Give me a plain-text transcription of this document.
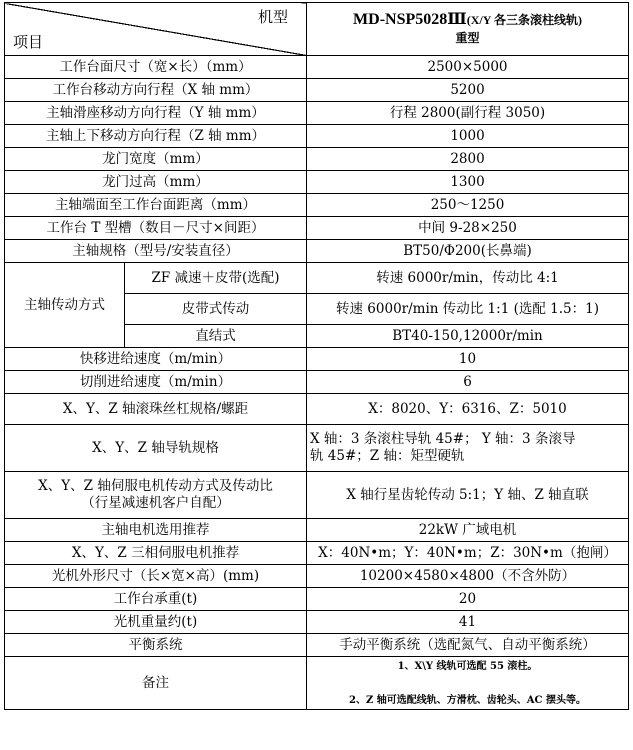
机型
项目		MD-NSP5028Ⅲ(X/Y 各三条滚柱线轨)
重型
工作台面尺寸（宽×长）（mm）		2500×5000
工作台移动方向行程（X 轴 mm）		5200
主轴滑座移动方向行程（Y 轴 mm）		行程 2800(副行程 3050)
主轴上下移动方向行程（Z 轴 mm）		1000
龙门宽度（mm）		2800
龙门过高（mm）		1300
主轴端面至工作台面距离（mm）		250～1250
工作台 T 型槽（数目－尺寸×间距）		中间 9-28×250
主轴规格（型号/安装直径）		BT50/Φ200(长鼻端)
主轴传动方式	ZF 减速＋皮带(选配)	转速 6000r/min，传动比 4:1
	皮带式传动	转速 6000r/min 传动比 1:1 (选配 1.5：1)
	直结式	BT40-150,12000r/min
快移进给速度（m/min）		10
切削进给速度（m/min）		6
X、Y、Z 轴滚珠丝杠规格/螺距		X：8020、Y：6316、Z：5010
X、Y、Z 轴导轨规格		X 轴：3 条滚柱导轨 45#； Y 轴：3 条滚导
轨 45#；Z 轴：矩型硬轨
X、Y、Z 轴伺服电机传动方式及传动比
（行星减速机客户自配）		X 轴行星齿轮传动 5:1；Y 轴、Z 轴直联
主轴电机选用推荐		22kW 广域电机
X、Y、Z 三相伺服电机推荐		X：40N•m；Y：40N•m；Z：30N•m（抱闸）
光机外形尺寸（长×宽×高）(mm)		10200×4580×4800（不含外防）
工作台承重(t)		20
光机重量约(t)		41
平衡系统		手动平衡系统（选配氮气、自动平衡系统）
备注		1、X\Y 线轨可选配 55 滚柱。

2、Z 轴可选配线轨、方滑枕、齿轮头、AC 摆头等。
